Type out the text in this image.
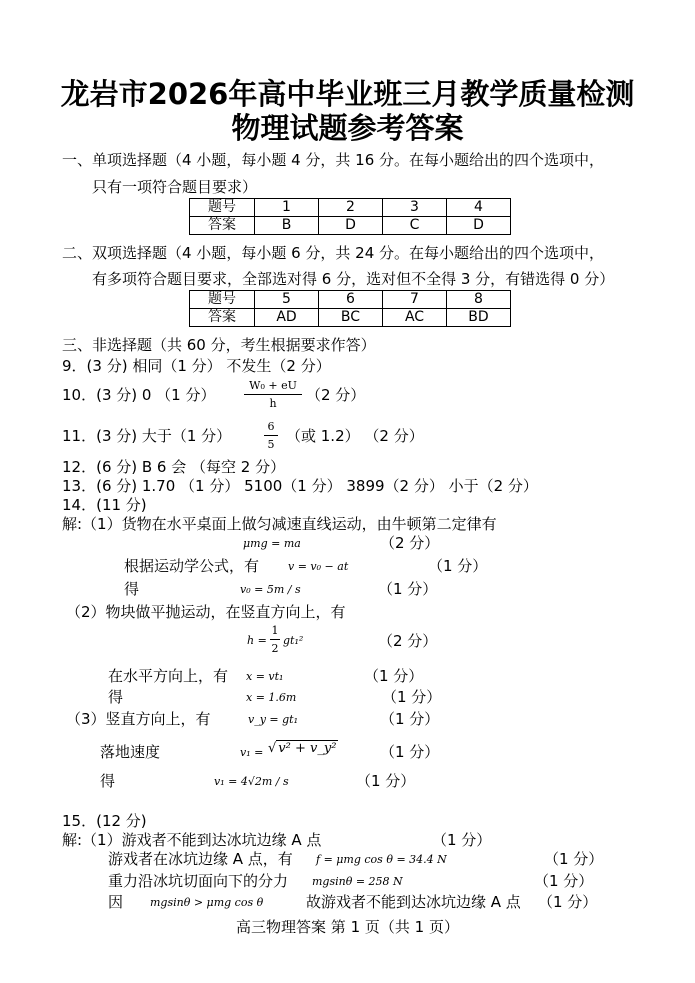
龙岩市2026年高中毕业班三月教学质量检测
物理试题参考答案
一、单项选择题（4 小题，每小题 4 分，共 16 分。在每小题给出的四个选项中，
只有一项符合题目要求）
题号	1	2	3	4
答案	B	D	C	D
二、双项选择题（4 小题，每小题 6 分，共 24 分。在每小题给出的四个选项中，
有多项符合题目要求，全部选对得 6 分，选对但不全得 3 分，有错选得 0 分）
题号	5	6	7	8
答案	AD	BC	AC	BD
三、非选择题（共 60 分，考生根据要求作答）
9．(3 分) 相同（1 分） 不发生（2 分）
10．(3 分) 0 （1 分）
W₀ + eU
h	（2 分）
11．(3 分) 大于（1 分）
6
5 （或 1.2） （2 分）
12．(6 分) B 6 会 （每空 2 分）
13．(6 分) 1.70 （1 分） 5100（1 分） 3899（2 分） 小于（2 分）
14．(11 分)
解:（1）货物在水平桌面上做匀减速直线运动，由牛顿第二定律有
μmg = ma	（2 分）
根据运动学公式，有	v = v₀ − at	（1 分）
得	v₀ = 5m / s	（1 分）
（2）物块做平抛运动，在竖直方向上，有
h =
1
2
gt₁²	（2 分）
在水平方向上，有 x = vt₁	（1 分）
得	x = 1.6m	（1 分）
（3）竖直方向上，有	v_y = gt₁	（1 分）
落地速度	v₁ = √ v² + v_y²	（1 分）
得	v₁ = 4√2m / s	（1 分）
15．(12 分)
解:（1）游戏者不能到达冰坑边缘 A 点	（1 分）
游戏者在冰坑边缘 A 点，有 f = μmg cos θ = 34.4 N	（1 分）
重力沿冰坑切面向下的分力 mgsinθ = 258 N	（1 分）
因 mgsinθ > μmg cos θ	故游戏者不能到达冰坑边缘 A 点 （1 分）
高三物理答案 第 1 页（共 1 页）
